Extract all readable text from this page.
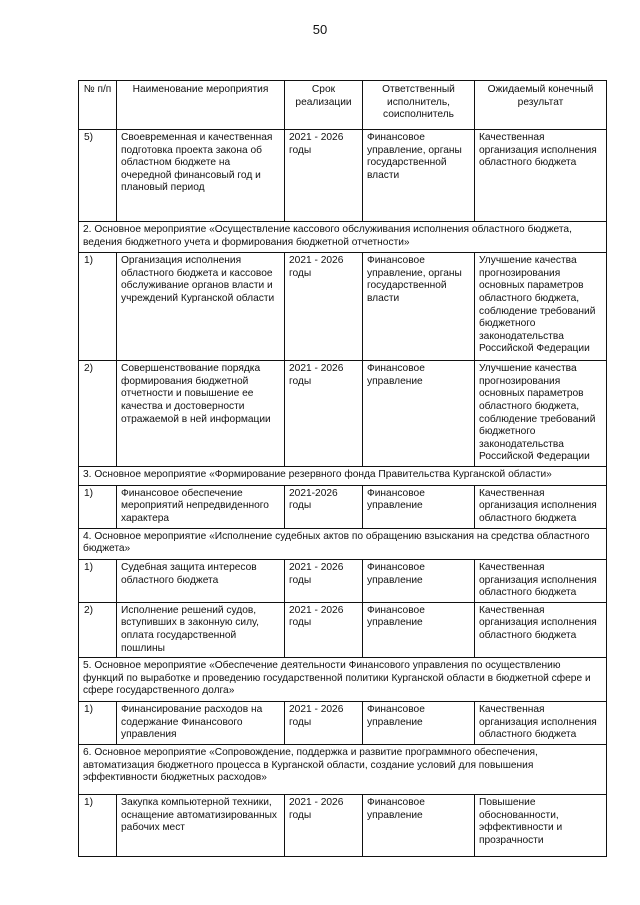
50
№ п/п	Наименование мероприятия	Срок реализации	Ответственный исполнитель, соисполнитель	Ожидаемый конечный результат
5)	Своевременная и качественная подготовка проекта закона об областном бюджете на очередной финансовый год и плановый период	2021 - 2026 годы	Финансовое управление, органы государственной власти	Качественная организация исполнения областного бюджета
2. Основное мероприятие «Осуществление кассового обслуживания исполнения областного бюджета, ведения бюджетного учета и формирования бюджетной отчетности»				
1)	Организация исполнения областного бюджета и кассовое обслуживание органов власти и учреждений Курганской области	2021 - 2026 годы	Финансовое управление, органы государственной власти	Улучшение качества прогнозирования основных параметров областного бюджета, соблюдение требований бюджетного законодательства Российской Федерации
2)	Совершенствование порядка формирования бюджетной отчетности и повышение ее качества и достоверности отражаемой в ней информации	2021 - 2026 годы	Финансовое управление	Улучшение качества прогнозирования основных параметров областного бюджета, соблюдение требований бюджетного законодательства Российской Федерации
3. Основное мероприятие «Формирование резервного фонда Правительства Курганской области»				
1)	Финансовое обеспечение мероприятий непредвиденного характера	2021-2026 годы	Финансовое управление	Качественная организация исполнения областного бюджета
4. Основное мероприятие «Исполнение судебных актов по обращению взыскания на средства областного бюджета»				
1)	Судебная защита интересов областного бюджета	2021 - 2026 годы	Финансовое управление	Качественная организация исполнения областного бюджета
2)	Исполнение решений судов, вступивших в законную силу, оплата государственной пошлины	2021 - 2026 годы	Финансовое управление	Качественная организация исполнения областного бюджета
5. Основное мероприятие «Обеспечение деятельности Финансового управления по осуществлению функций по выработке и проведению государственной политики Курганской области в бюджетной сфере и сфере государственного долга»				
1)	Финансирование расходов на содержание Финансового управления	2021 - 2026 годы	Финансовое управление	Качественная организация исполнения областного бюджета
6. Основное мероприятие «Сопровождение, поддержка и развитие программного обеспечения, автоматизация бюджетного процесса в Курганской области, создание условий для повышения эффективности бюджетных расходов»				
1)	Закупка компьютерной техники, оснащение автоматизированных рабочих мест	2021 - 2026 годы	Финансовое управление	Повышение обоснованности, эффективности и прозрачности
